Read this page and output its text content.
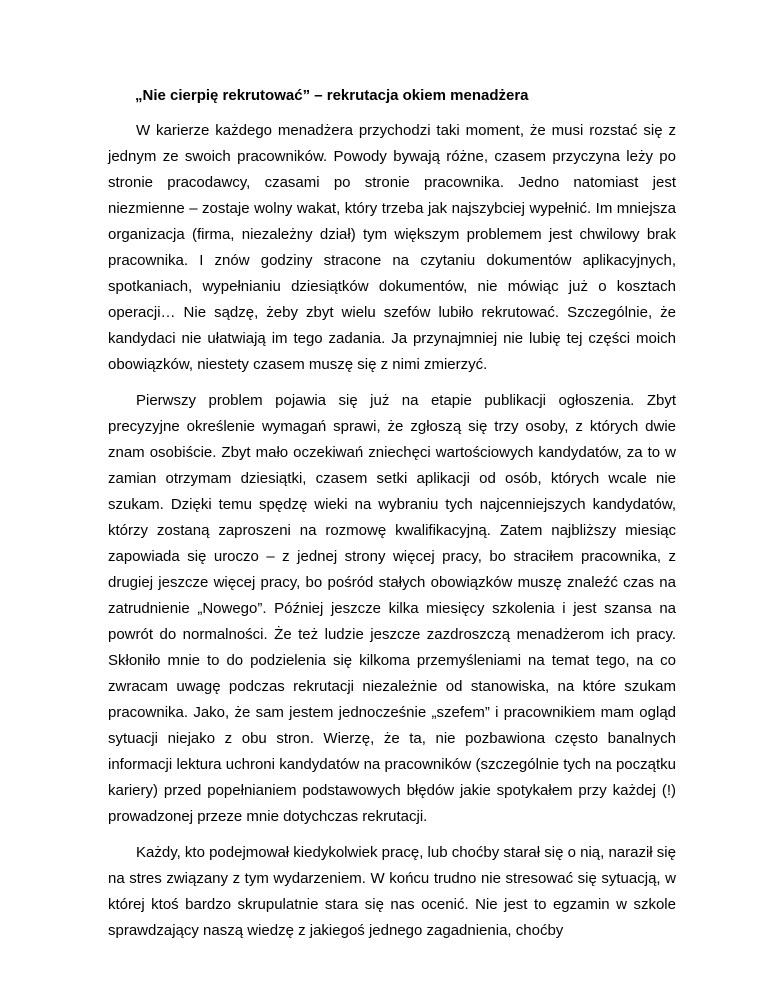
„Nie cierpię rekrutować” – rekrutacja okiem menadżera

W karierze każdego menadżera przychodzi taki moment, że musi rozstać się z jednym ze swoich pracowników. Powody bywają różne, czasem przyczyna leży po stronie pracodawcy, czasami po stronie pracownika. Jedno natomiast jest niezmienne – zostaje wolny wakat, który trzeba jak najszybciej wypełnić. Im mniejsza organizacja (firma, niezależny dział) tym większym problemem jest chwilowy brak pracownika. I znów godziny stracone na czytaniu dokumentów aplikacyjnych, spotkaniach, wypełnianiu dziesiątków dokumentów, nie mówiąc już o kosztach operacji… Nie sądzę, żeby zbyt wielu szefów lubiło rekrutować. Szczególnie, że kandydaci nie ułatwiają im tego zadania. Ja przynajmniej nie lubię tej części moich obowiązków, niestety czasem muszę się z nimi zmierzyć.

Pierwszy problem pojawia się już na etapie publikacji ogłoszenia. Zbyt precyzyjne określenie wymagań sprawi, że zgłoszą się trzy osoby, z których dwie znam osobiście. Zbyt mało oczekiwań zniechęci wartościowych kandydatów, za to w zamian otrzymam dziesiątki, czasem setki aplikacji od osób, których wcale nie szukam. Dzięki temu spędzę wieki na wybraniu tych najcenniejszych kandydatów, którzy zostaną zaproszeni na rozmowę kwalifikacyjną. Zatem najbliższy miesiąc zapowiada się uroczo – z jednej strony więcej pracy, bo straciłem pracownika, z drugiej jeszcze więcej pracy, bo pośród stałych obowiązków muszę znaleźć czas na zatrudnienie „Nowego”. Później jeszcze kilka miesięcy szkolenia i jest szansa na powrót do normalności. Że też ludzie jeszcze zazdroszczą menadżerom ich pracy. Skłoniło mnie to do podzielenia się kilkoma przemyśleniami na temat tego, na co zwracam uwagę podczas rekrutacji niezależnie od stanowiska, na które szukam pracownika. Jako, że sam jestem jednocześnie „szefem” i pracownikiem mam ogląd sytuacji niejako z obu stron. Wierzę, że ta, nie pozbawiona często banalnych informacji lektura uchroni kandydatów na pracowników (szczególnie tych na początku kariery) przed popełnianiem podstawowych błędów jakie spotykałem przy każdej (!) prowadzonej przeze mnie dotychczas rekrutacji.

Każdy, kto podejmował kiedykolwiek pracę, lub choćby starał się o nią, naraził się na stres związany z tym wydarzeniem. W końcu trudno nie stresować się sytuacją, w której ktoś bardzo skrupulatnie stara się nas ocenić. Nie jest to egzamin w szkole sprawdzający naszą wiedzę z jakiegoś jednego zagadnienia, choćby
